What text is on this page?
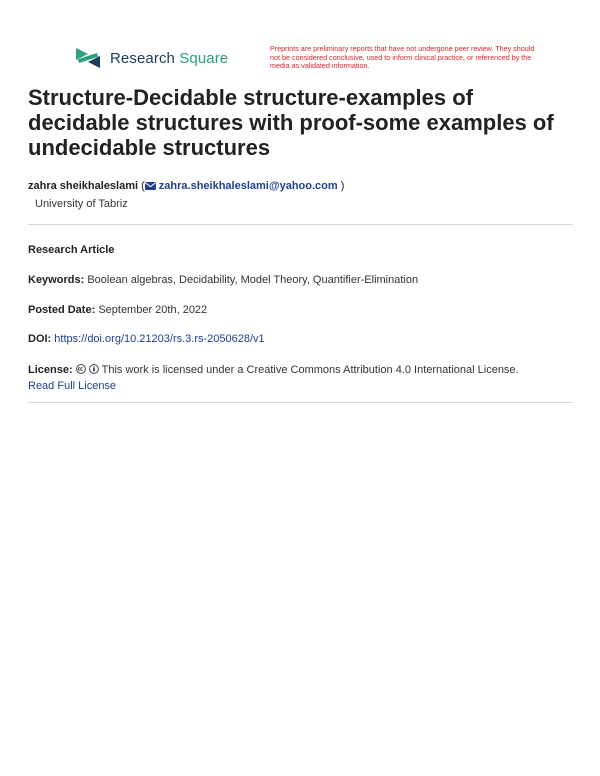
Research Square
Preprints are preliminary reports that have not undergone peer review. They should not be considered conclusive, used to inform clinical practice, or referenced by the media as validated information.
Structure-Decidable structure-examples of decidable structures with proof-some examples of undecidable structures
zahra sheikhaleslami ( zahra.sheikhaleslami@yahoo.com )
University of Tabriz
Research Article
Keywords: Boolean algebras, Decidability, Model Theory, Quantifier-Elimination
Posted Date: September 20th, 2022
DOI: https://doi.org/10.21203/rs.3.rs-2050628/v1
License:	This work is licensed under a Creative Commons Attribution 4.0 International License.
Read Full License
